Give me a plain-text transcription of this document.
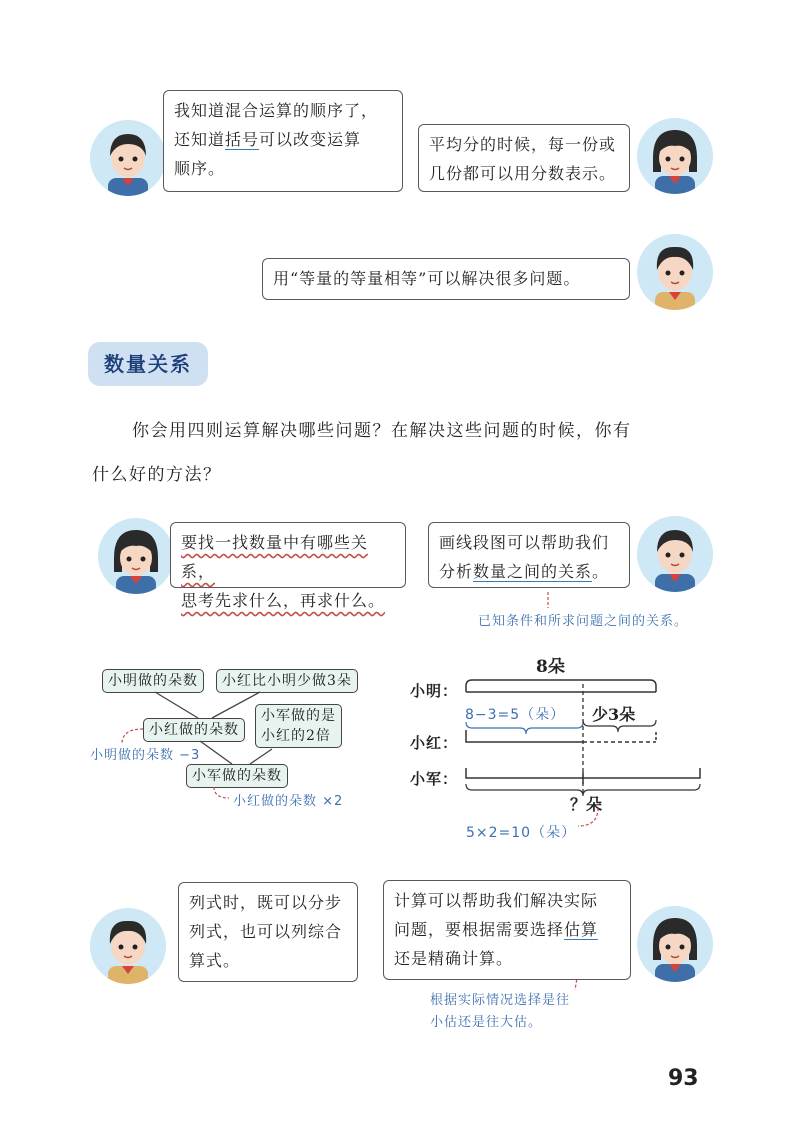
我知道混合运算的顺序了，
还知道括号可以改变运算
顺序。
平均分的时候，每一份或
几份都可以用分数表示。
用“等量的等量相等”可以解决很多问题。
数量关系
你会用四则运算解决哪些问题？在解决这些问题的时候，你有
什么好的方法？
要找一找数量中有哪些关系，
思考先求什么，再求什么。
画线段图可以帮助我们
分析数量之间的关系。
已知条件和所求问题之间的关系。
小明做的朵数	小红比小明少做3朵
小红做的朵数
小军做的是
小红的2倍
小军做的朵数
小明做的朵数 −3
小红做的朵数 ×2
小明：
小红：
小军：
8朵
8−3=5（朵） 少3朵
？朵
5×2=10（朵）
列式时，既可以分步
列式，也可以列综合
算式。
计算可以帮助我们解决实际
问题，要根据需要选择估算
还是精确计算。
根据实际情况选择是往
小估还是往大估。
93
